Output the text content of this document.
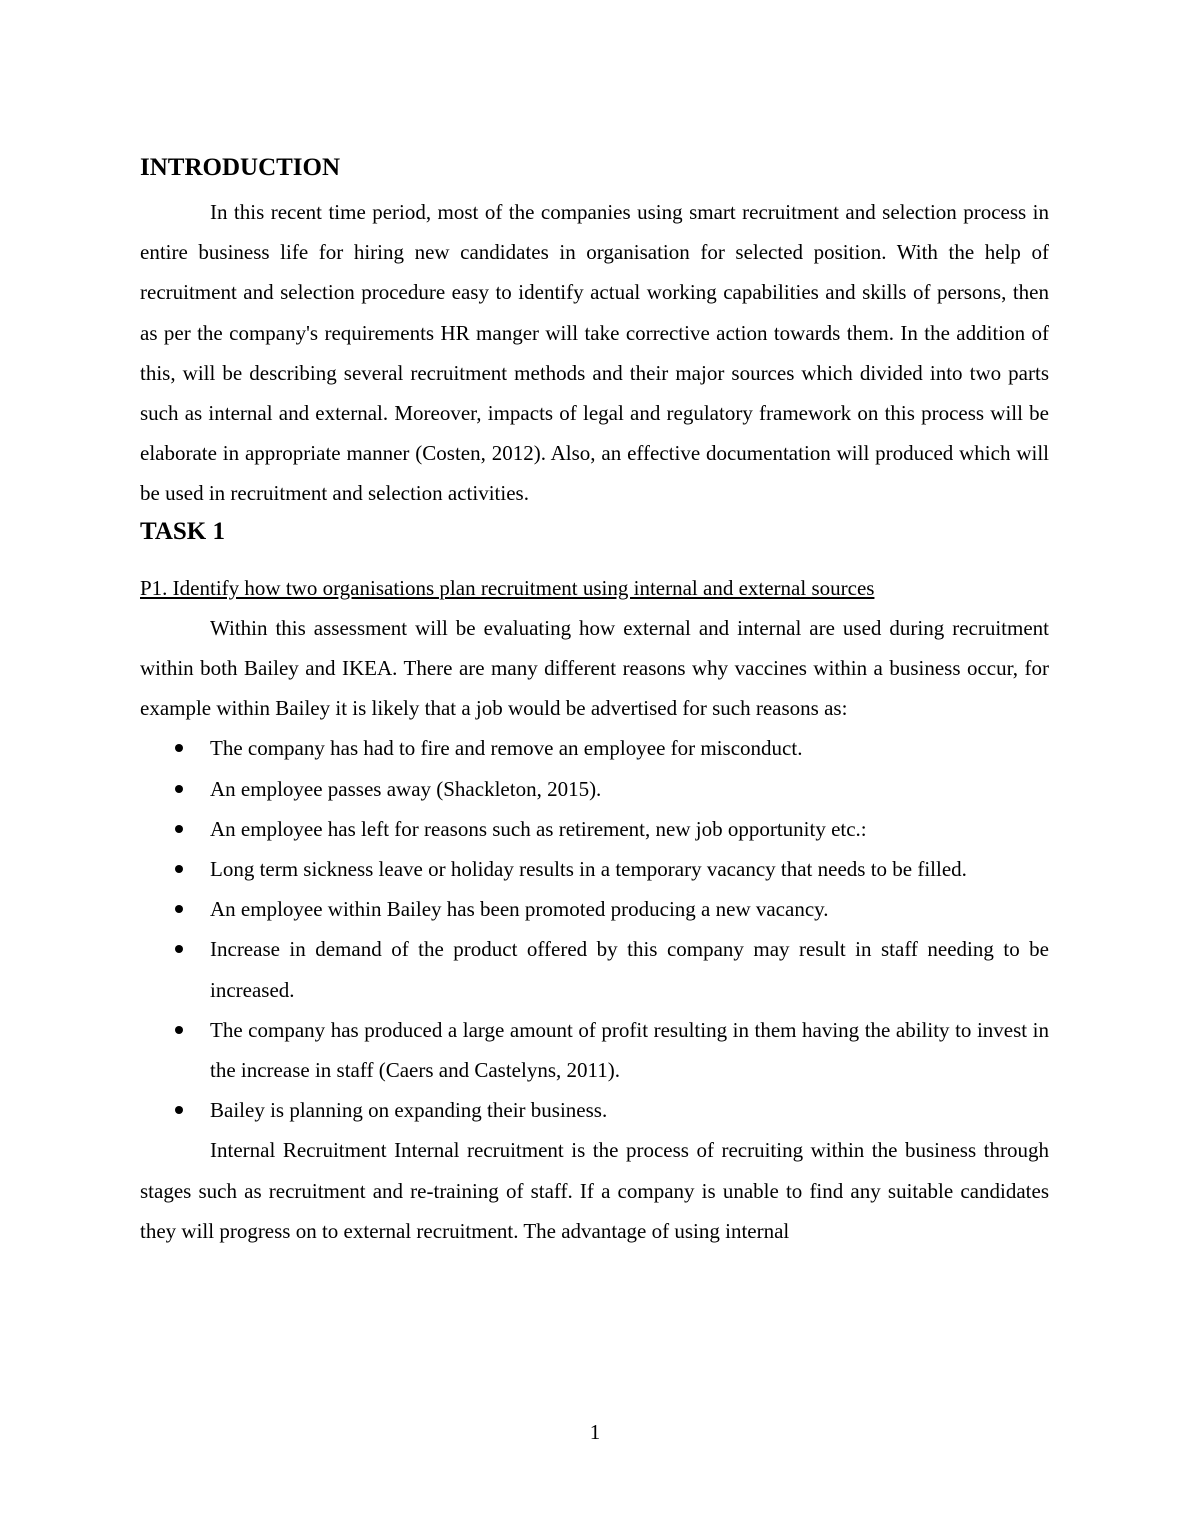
INTRODUCTION

In this recent time period, most of the companies using smart recruitment and selection process in entire business life for hiring new candidates in organisation for selected position. With the help of recruitment and selection procedure easy to identify actual working capabilities and skills of persons, then as per the company's requirements HR manger will take corrective action towards them. In the addition of this, will be describing several recruitment methods and their major sources which divided into two parts such as internal and external. Moreover, impacts of legal and regulatory framework on this process will be elaborate in appropriate manner (Costen, 2012). Also, an effective documentation will produced which will be used in recruitment and selection activities.

TASK 1

P1. Identify how two organisations plan recruitment using internal and external sources

Within this assessment will be evaluating how external and internal are used during recruitment within both Bailey and IKEA. There are many different reasons why vaccines within a business occur, for example within Bailey it is likely that a job would be advertised for such reasons as:

The company has had to fire and remove an employee for misconduct.
An employee passes away (Shackleton, 2015).
An employee has left for reasons such as retirement, new job opportunity etc.:
Long term sickness leave or holiday results in a temporary vacancy that needs to be filled.
An employee within Bailey has been promoted producing a new vacancy.
Increase in demand of the product offered by this company may result in staff needing to be increased.
The company has produced a large amount of profit resulting in them having the ability to invest in the increase in staff (Caers and Castelyns, 2011).
Bailey is planning on expanding their business.

Internal Recruitment Internal recruitment is the process of recruiting within the business through stages such as recruitment and re-training of staff. If a company is unable to find any suitable candidates they will progress on to external recruitment. The advantage of using internal

1
